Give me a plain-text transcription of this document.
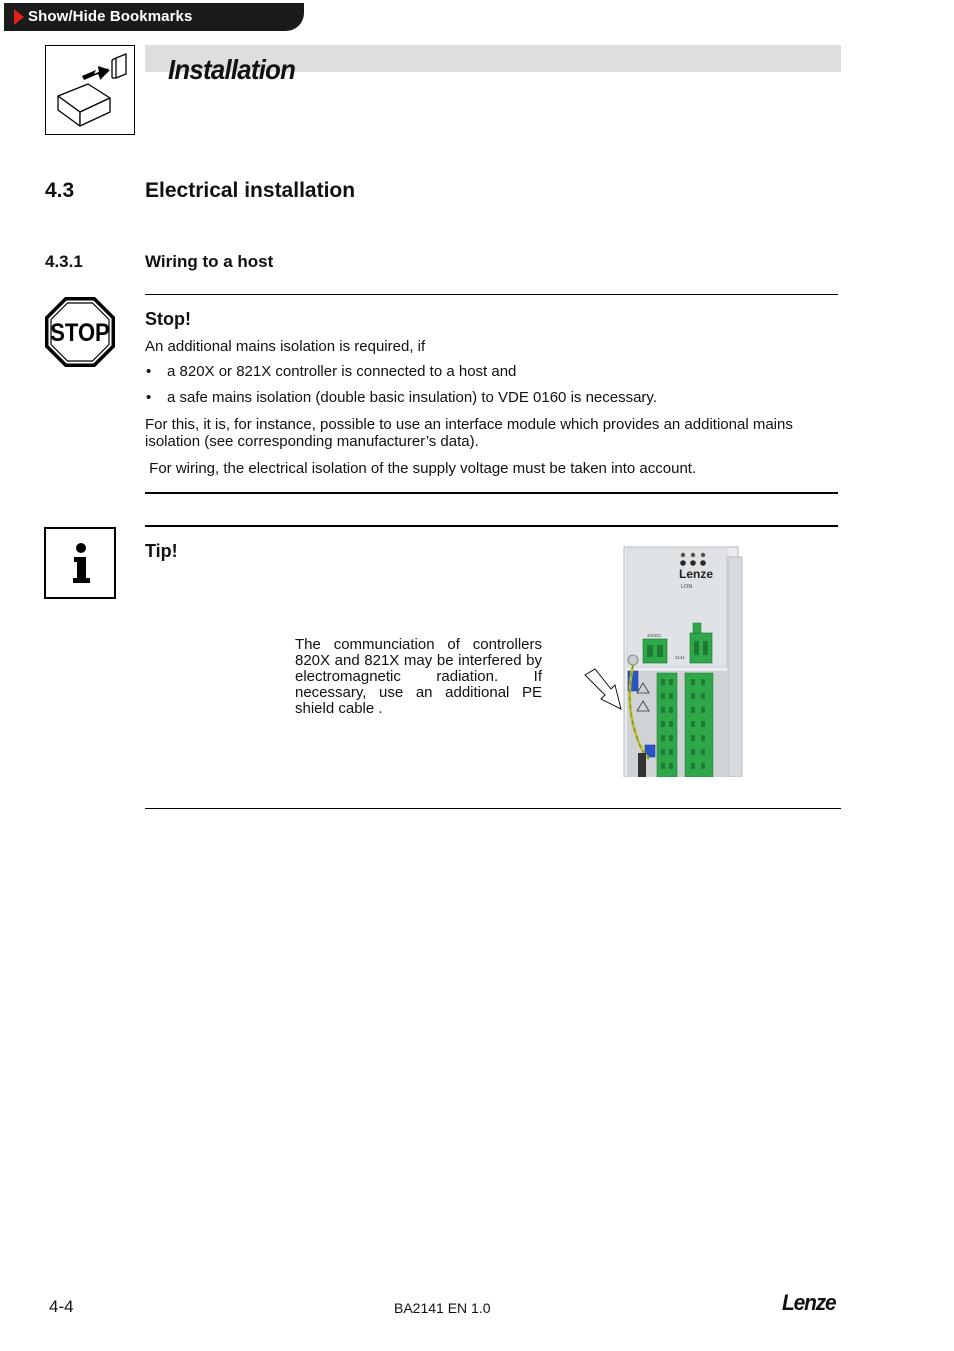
Show/Hide Bookmarks
Installation
4.3	Electrical installation
4.3.1	Wiring to a host
STOP
Stop!
An additional mains isolation is required, if
• a 820X or 821X controller is connected to a host and
• a safe mains isolation (double basic insulation) to VDE 0160 is necessary.
For this, it is, for instance, possible to use an interface module which provides an additional mains isolation (see corresponding manufacturer’s data).
For wiring, the electrical isolation of the supply voltage must be taken into account.
Tip!
The communciation of controllers 820X and 821X may be interfered by electromagnetic radiation. If necessary, use an additional PE shield cable .
Lenze
LON
24VDC
2141
4-4	BA2141 EN 1.0	Lenze
